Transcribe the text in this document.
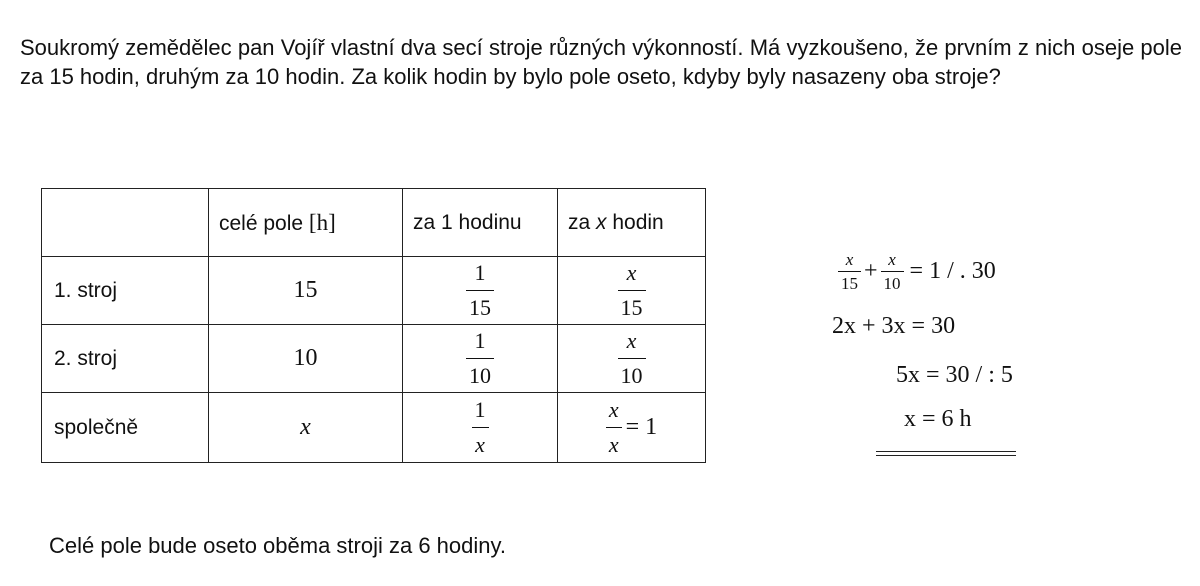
Soukromý zemědělec pan Vojíř vlastní dva secí stroje různých výkonností. Má vyzkoušeno, že prvním z nich oseje pole za 15 hodin, druhým za 10 hodin. Za kolik hodin by bylo pole oseto, kdyby byly nasazeny oba stroje?

	celé pole [h]	za 1 hodinu	za x hodin
1. stroj	15	$\frac{1}{15}$	$\frac{x}{15}$

2. stroj	10	$\frac{1}{10}$	$\frac{x}{10}$

společně	x	$\frac{1}{x}$	$\frac{x}{x} = 1$
$\frac{x}{15} + \frac{x}{10} = 1$ / . 30
2x + 3x = 30
5x = 30 / : 5
x = 6 h
Celé pole bude oseto oběma stroji za 6 hodiny.
